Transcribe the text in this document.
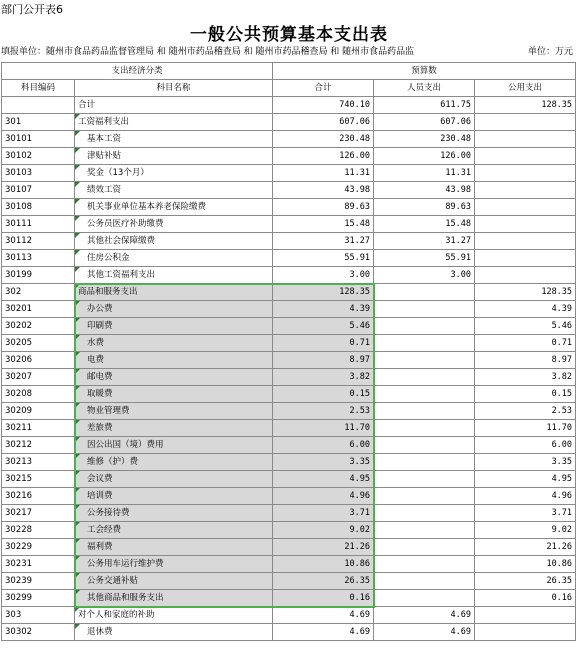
部门公开表6
一般公共预算基本支出表
填报单位：随州市食品药品监督管理局 和 随州市药品稽查局 和 随州市药品稽查局 和 随州市食品药品监	单位：万元
支出经济分类		预算数		
科目编码	科目名称	合计	人员支出	公用支出
	合计	740.10	611.75	128.35
301	工资福利支出	607.06	607.06	
30101	基本工资	230.48	230.48	
30102	津贴补贴	126.00	126.00	
30103	奖金（13个月）	11.31	11.31	
30107	绩效工资	43.98	43.98	
30108	机关事业单位基本养老保险缴费	89.63	89.63	
30111	公务员医疗补助缴费	15.48	15.48	
30112	其他社会保障缴费	31.27	31.27	
30113	住房公积金	55.91	55.91	
30199	其他工资福利支出	3.00	3.00	
302	商品和服务支出	128.35		128.35
30201	办公费	4.39		4.39
30202	印刷费	5.46		5.46
30205	水费	0.71		0.71
30206	电费	8.97		8.97
30207	邮电费	3.82		3.82
30208	取暖费	0.15		0.15
30209	物业管理费	2.53		2.53
30211	差旅费	11.70		11.70
30212	因公出国（境）费用	6.00		6.00
30213	维修（护）费	3.35		3.35
30215	会议费	4.95		4.95
30216	培训费	4.96		4.96
30217	公务接待费	3.71		3.71
30228	工会经费	9.02		9.02
30229	福利费	21.26		21.26
30231	公务用车运行维护费	10.86		10.86
30239	公务交通补贴	26.35		26.35
30299	其他商品和服务支出	0.16		0.16
303	对个人和家庭的补助	4.69	4.69	
30302	退休费	4.69	4.69	
